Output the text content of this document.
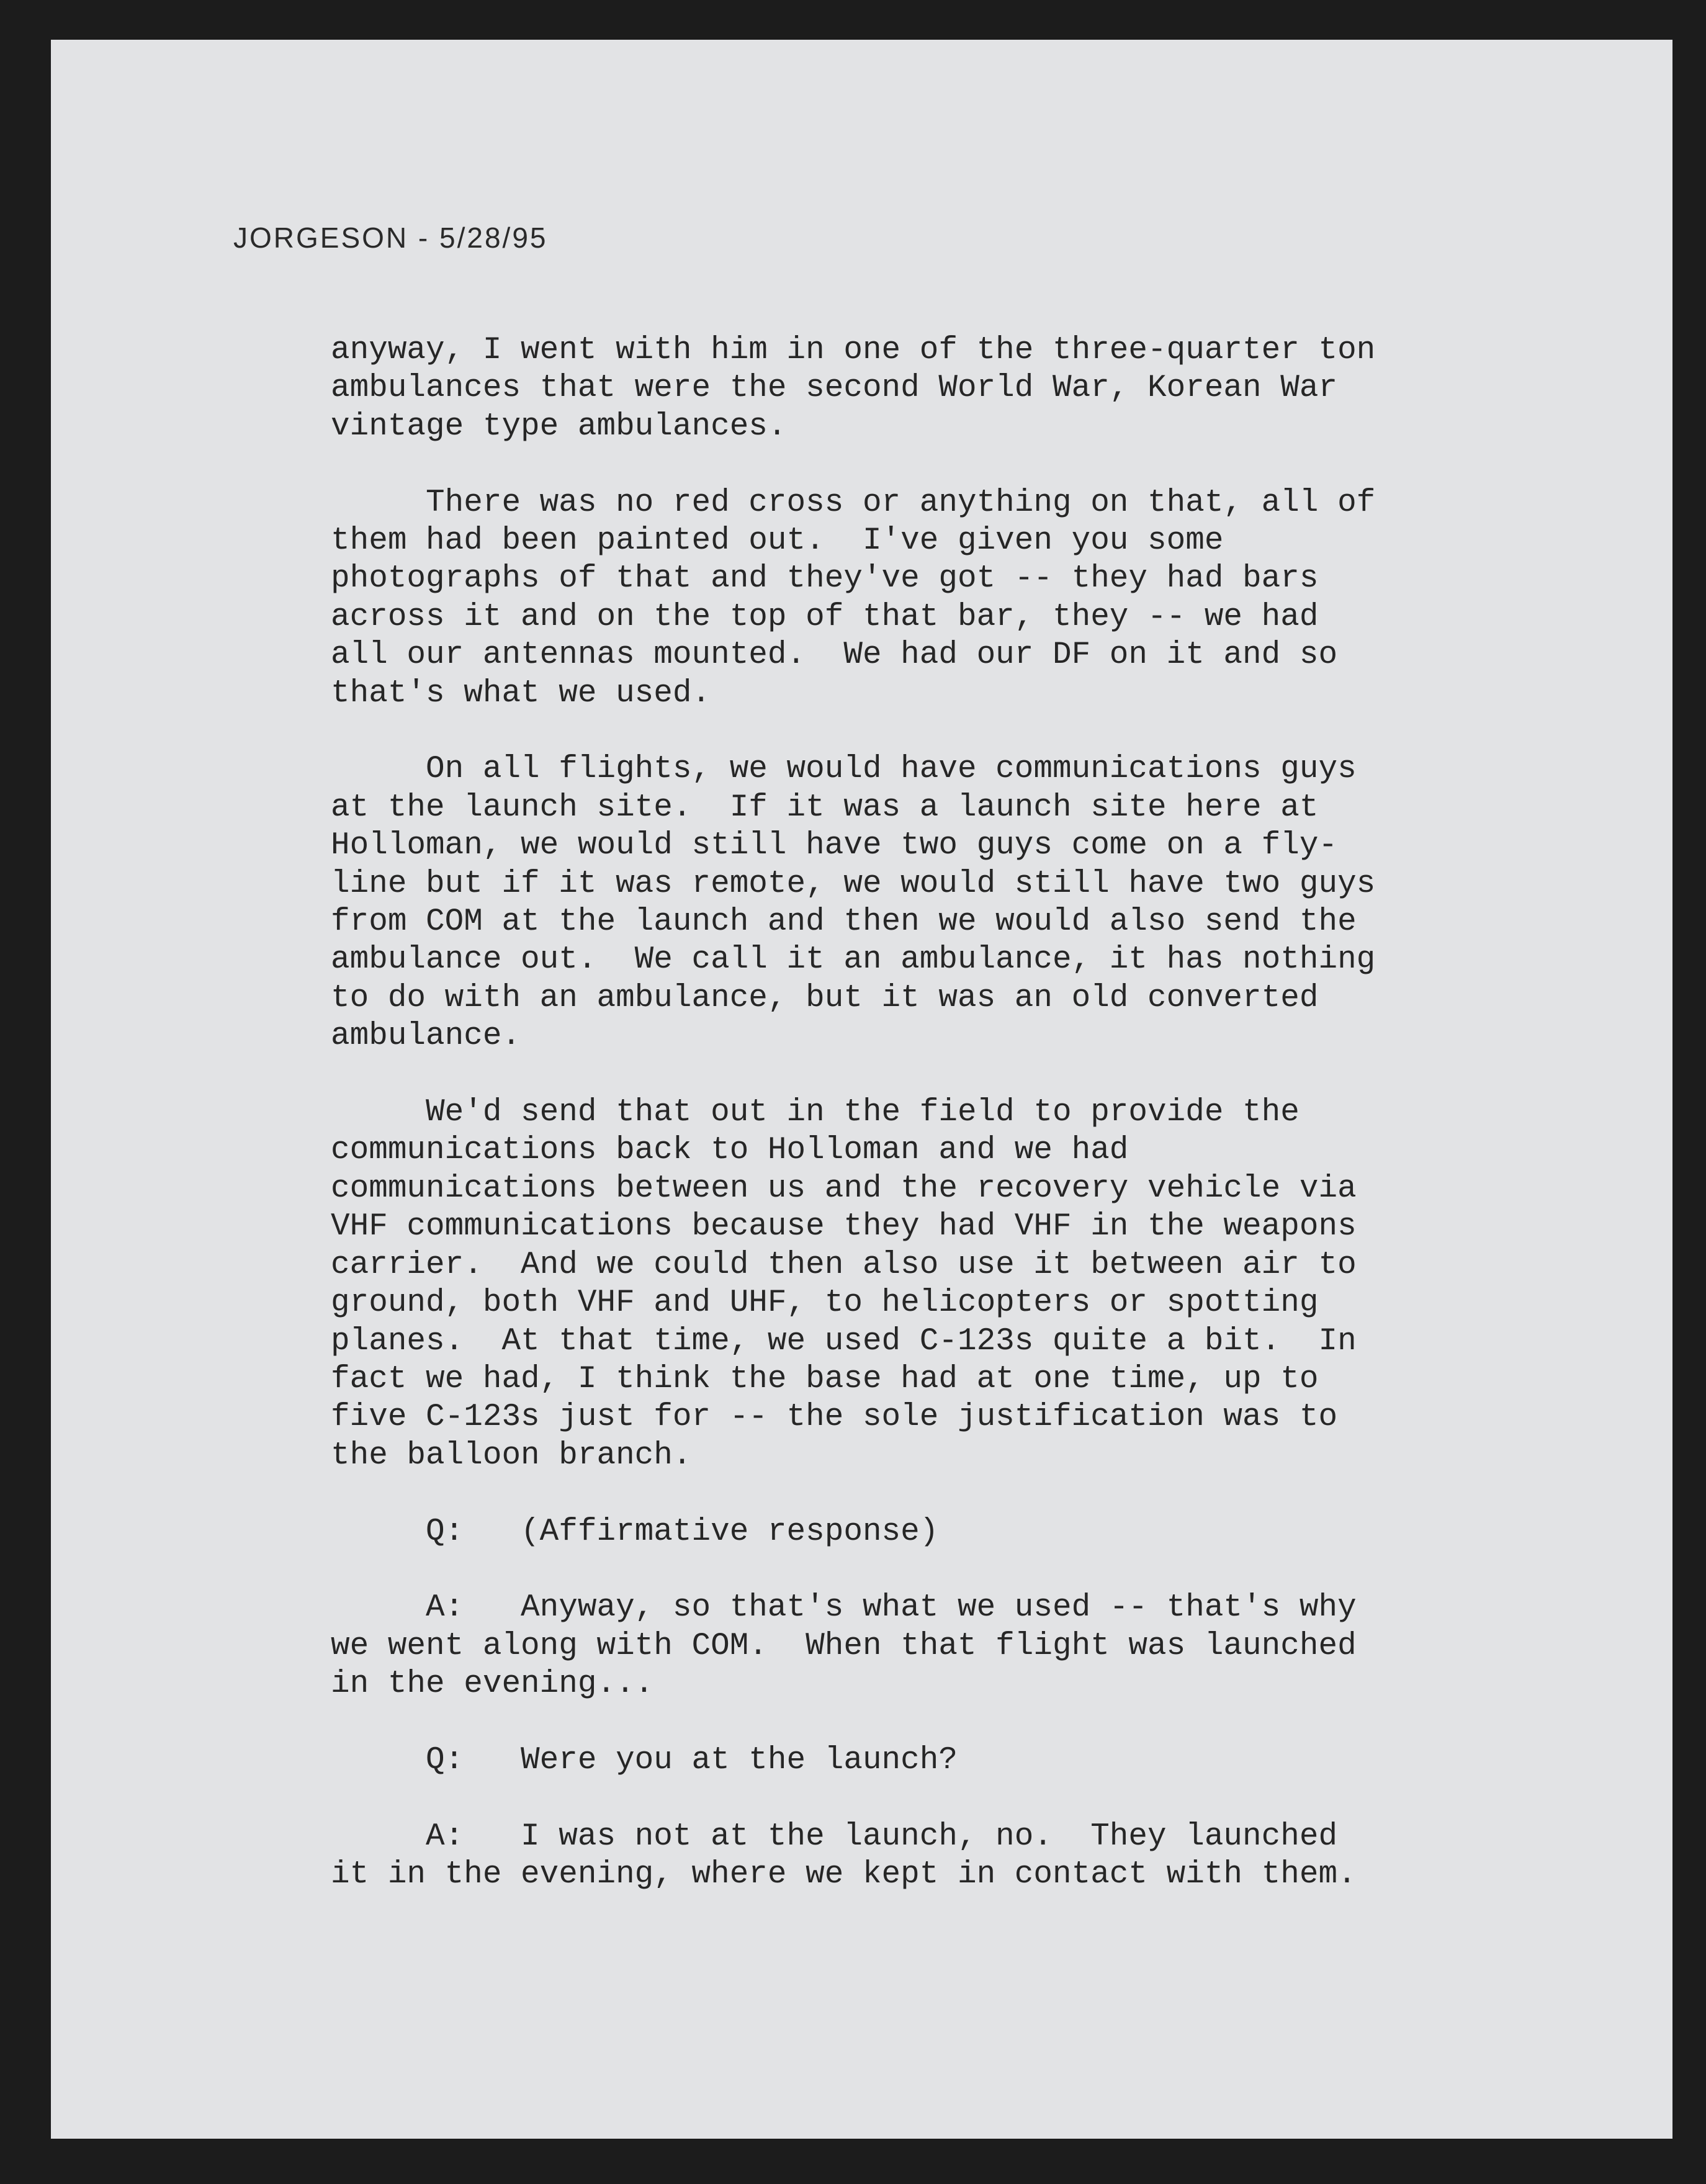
JORGESON - 5/28/95

anyway, I went with him in one of the three-quarter ton
ambulances that were the second World War, Korean War
vintage type ambulances.

There was no red cross or anything on that, all of
them had been painted out.  I've given you some
photographs of that and they've got -- they had bars
across it and on the top of that bar, they -- we had
all our antennas mounted.  We had our DF on it and so
that's what we used.

On all flights, we would have communications guys
at the launch site.  If it was a launch site here at
Holloman, we would still have two guys come on a fly-
line but if it was remote, we would still have two guys
from COM at the launch and then we would also send the
ambulance out.  We call it an ambulance, it has nothing
to do with an ambulance, but it was an old converted
ambulance.

We'd send that out in the field to provide the
communications back to Holloman and we had
communications between us and the recovery vehicle via
VHF communications because they had VHF in the weapons
carrier.  And we could then also use it between air to
ground, both VHF and UHF, to helicopters or spotting
planes.  At that time, we used C-123s quite a bit.  In
fact we had, I think the base had at one time, up to
five C-123s just for -- the sole justification was to
the balloon branch.

Q:   (Affirmative response)

A:   Anyway, so that's what we used -- that's why
we went along with COM.  When that flight was launched
in the evening...

Q:   Were you at the launch?

A:   I was not at the launch, no.  They launched
it in the evening, where we kept in contact with them.
